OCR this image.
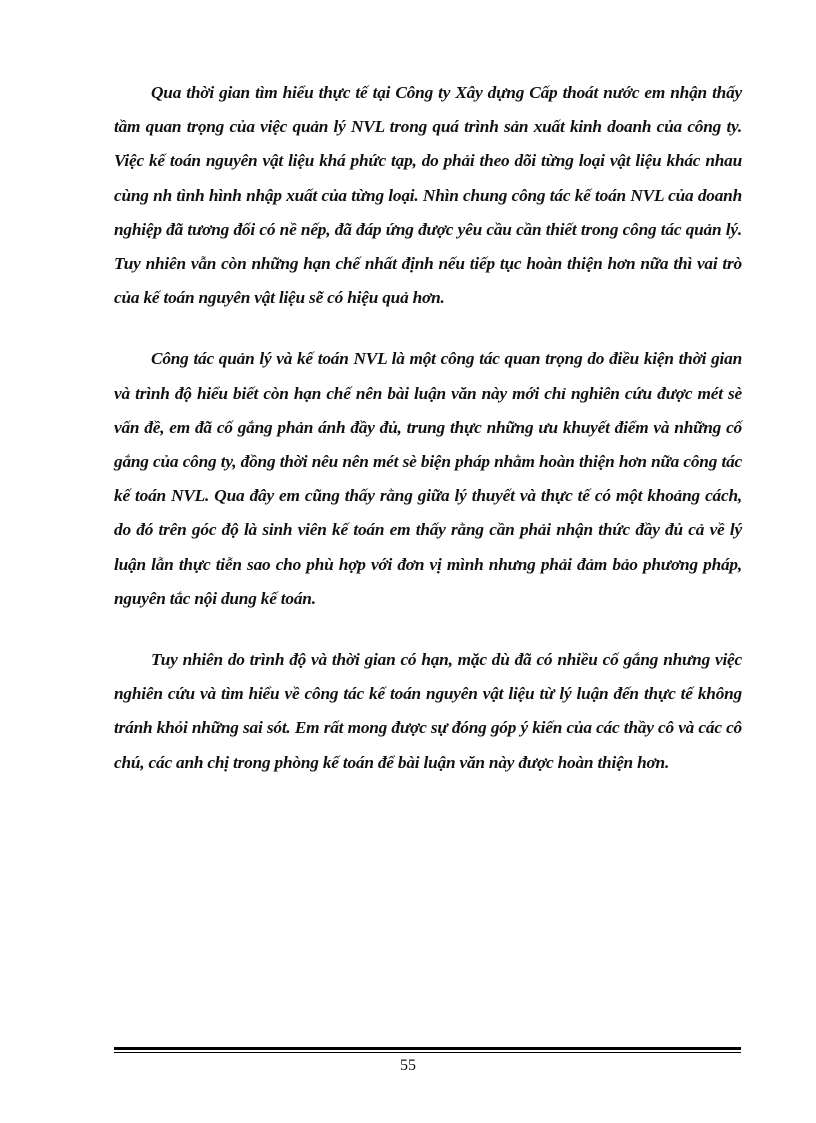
Qua thời gian tìm hiểu thực tế tại Công ty Xây dựng Cấp thoát nước em nhận thấy tầm quan trọng của việc quản lý NVL trong quá trình sản xuất kinh doanh của công ty. Việc kế toán nguyên vật liệu khá phức tạp, do phải theo dõi từng loại vật liệu khác nhau cùng nh tình hình nhập xuất của từng loại. Nhìn chung công tác kế toán NVL của doanh nghiệp đã tương đối có nề nếp, đã đáp ứng được yêu cầu cần thiết trong công tác quản lý. Tuy nhiên vẫn còn những hạn chế nhất định nếu tiếp tục hoàn thiện hơn nữa thì vai trò của kế toán nguyên vật liệu sẽ có hiệu quả hơn.

Công tác quản lý và kế toán NVL là một công tác quan trọng do điều kiện thời gian và trình độ hiểu biết còn hạn chế nên bài luận văn này mới chỉ nghiên cứu được mét sè vấn đề, em đã cố gắng phản ánh đầy đủ, trung thực những ưu khuyết điểm và những cố gắng của công ty, đồng thời nêu nên mét sè biện pháp nhằm hoàn thiện hơn nữa công tác kế toán NVL. Qua đây em cũng thấy rằng giữa lý thuyết và thực tế có một khoảng cách, do đó trên góc độ là sinh viên kế toán em thấy rằng cần phải nhận thức đầy đủ cả về lý luận lẫn thực tiễn sao cho phù hợp với đơn vị mình nhưng phải đảm bảo phương pháp, nguyên tắc nội dung kế toán.

Tuy nhiên do trình độ và thời gian có hạn, mặc dù đã có nhiều cố gắng nhưng việc nghiên cứu và tìm hiểu về công tác kế toán nguyên vật liệu từ lý luận đến thực tế không tránh khỏi những sai sót. Em rất mong được sự đóng góp ý kiến của các thầy cô và các cô chú, các anh chị trong phòng kế toán để bài luận văn này được hoàn thiện hơn.

55
